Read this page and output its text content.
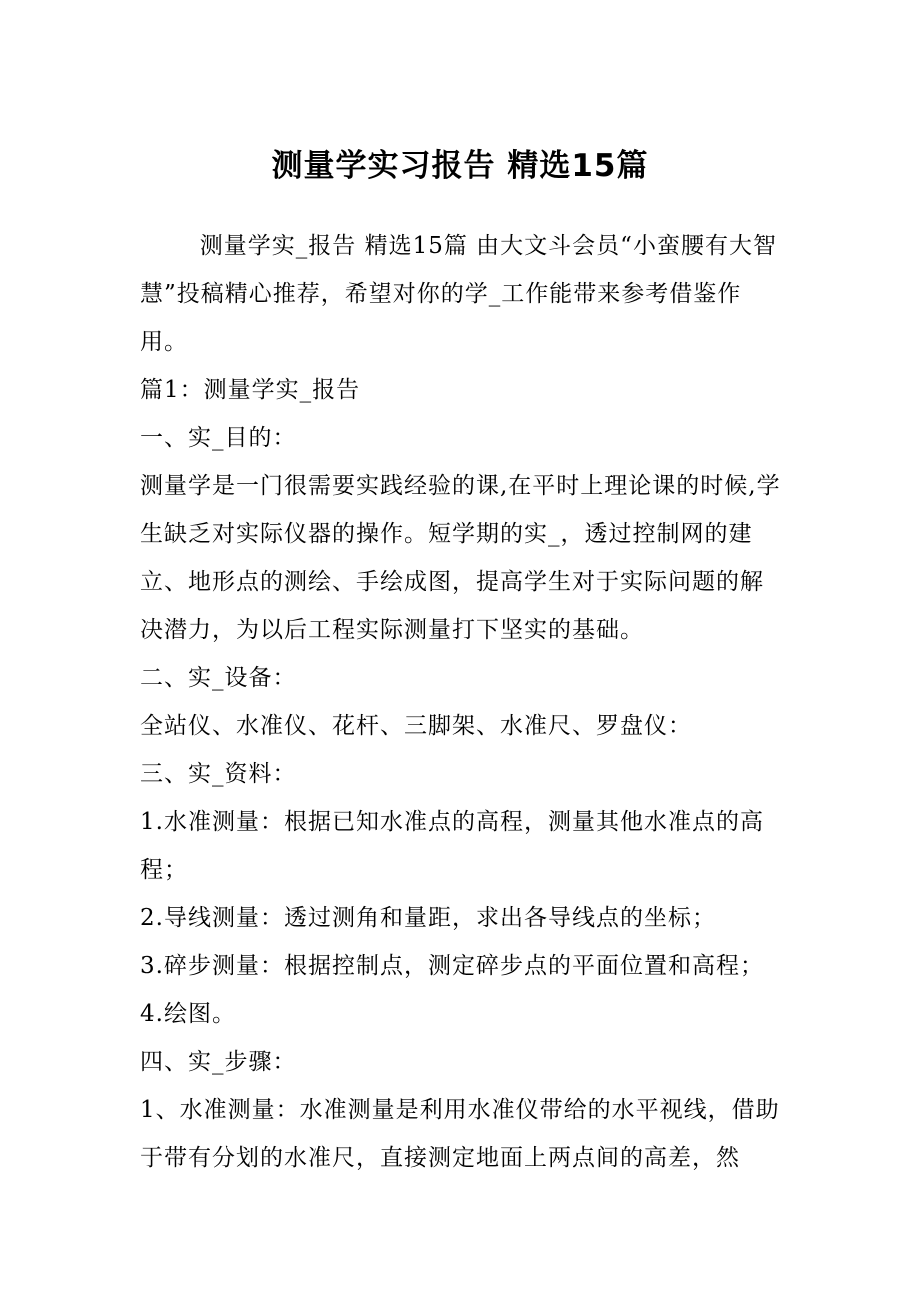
测量学实习报告 精选15篇

测量学实_报告 精选15篇 由大文斗会员“小蛮腰有大智慧”投稿精心推荐，希望对你的学_工作能带来参考借鉴作用。

篇1：测量学实_报告

一、实_目的：

测量学是一门很需要实践经验的课,在平时上理论课的时候,学生缺乏对实际仪器的操作。短学期的实_，透过控制网的建立、地形点的测绘、手绘成图，提高学生对于实际问题的解决潜力，为以后工程实际测量打下坚实的基础。

二、实_设备：

全站仪、水准仪、花杆、三脚架、水准尺、罗盘仪：

三、实_资料：

1.水准测量：根据已知水准点的高程，测量其他水准点的高程；

2.导线测量：透过测角和量距，求出各导线点的坐标；

3.碎步测量：根据控制点，测定碎步点的平面位置和高程；

4.绘图。

四、实_步骤：

1、水准测量：水准测量是利用水准仪带给的水平视线，借助于带有分划的水准尺，直接测定地面上两点间的高差，然
